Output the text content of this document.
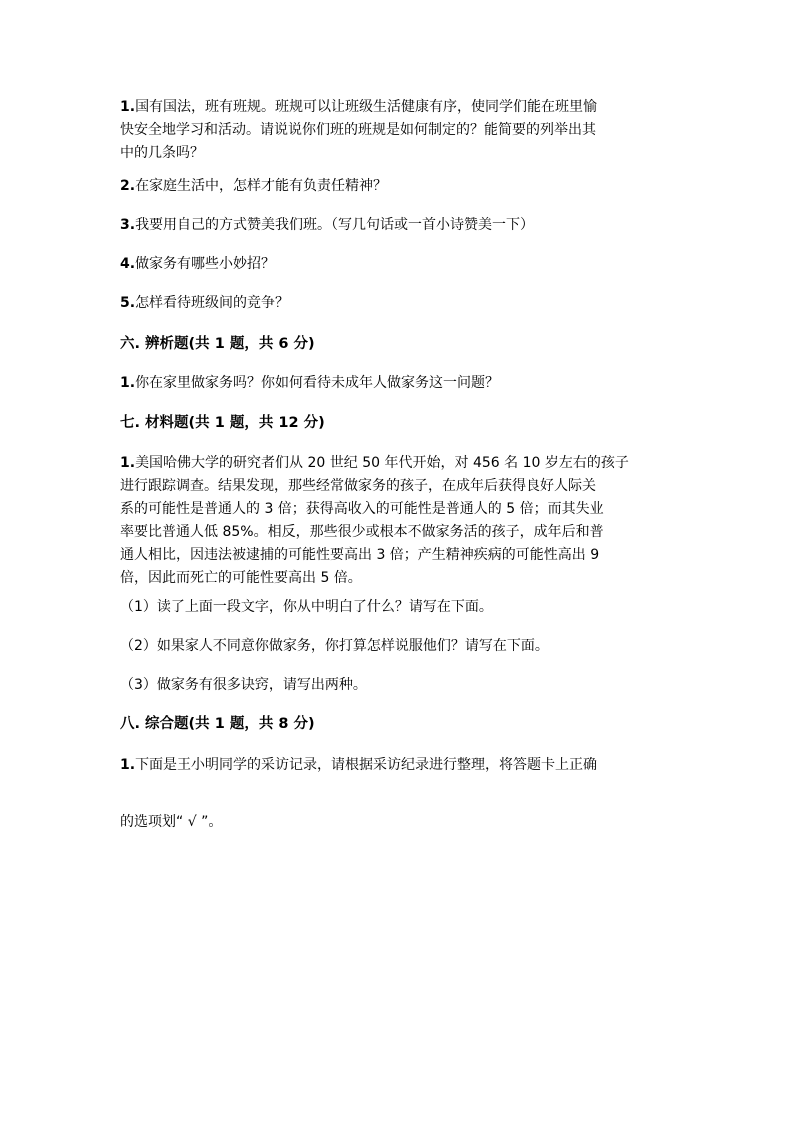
1.国有国法，班有班规。班规可以让班级生活健康有序，使同学们能在班里愉
快安全地学习和活动。请说说你们班的班规是如何制定的？能简要的列举出其
中的几条吗？
2.在家庭生活中，怎样才能有负责任精神？
3.我要用自己的方式赞美我们班。（写几句话或一首小诗赞美一下）
4.做家务有哪些小妙招？
5.怎样看待班级间的竞争？
六. 辨析题(共 1 题，共 6 分)
1.你在家里做家务吗？你如何看待未成年人做家务这一问题？
七. 材料题(共 1 题，共 12 分)
1.美国哈佛大学的研究者们从 20 世纪 50 年代开始，对 456 名 10 岁左右的孩子
进行跟踪调查。结果发现，那些经常做家务的孩子，在成年后获得良好人际关
系的可能性是普通人的 3 倍；获得高收入的可能性是普通人的 5 倍；而其失业
率要比普通人低 85%。相反，那些很少或根本不做家务活的孩子，成年后和普
通人相比，因违法被逮捕的可能性要高出 3 倍；产生精神疾病的可能性高出 9
倍，因此而死亡的可能性要高出 5 倍。
（1）读了上面一段文字，你从中明白了什么？请写在下面。
（2）如果家人不同意你做家务，你打算怎样说服他们？请写在下面。
（3）做家务有很多诀窍，请写出两种。
八. 综合题(共 1 题，共 8 分)
1.下面是王小明同学的采访记录，请根据采访纪录进行整理，将答题卡上正确
的选项划“ √ ”。
